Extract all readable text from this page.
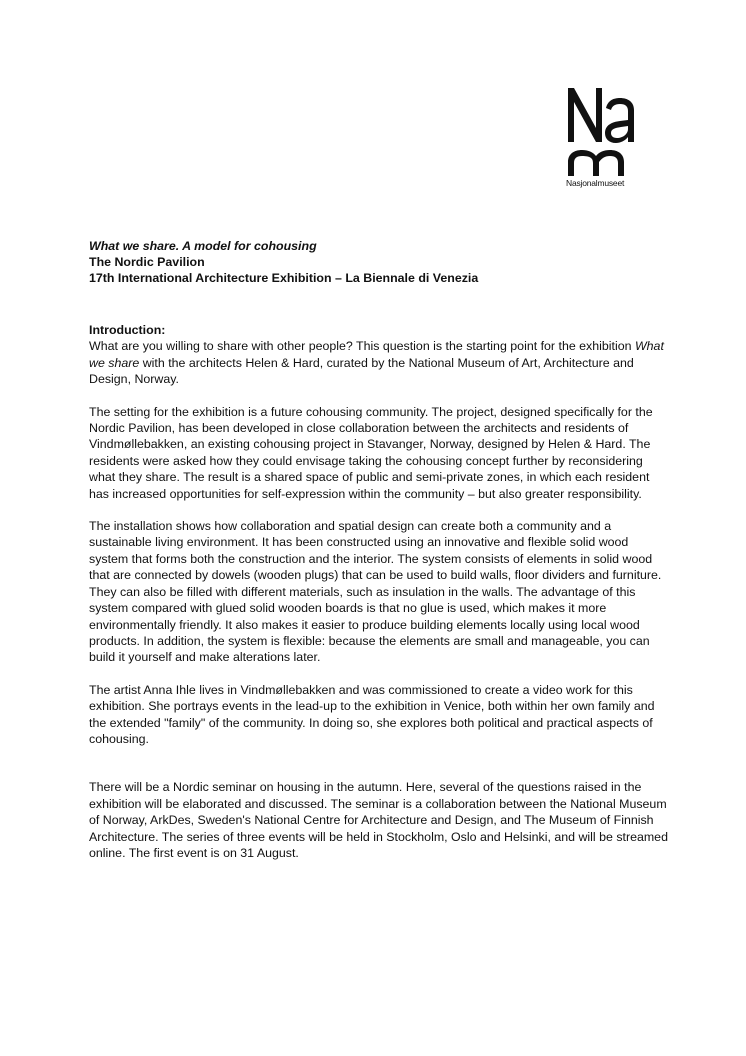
Nasjonalmuseet
What we share. A model for cohousing
The Nordic Pavilion
17th International Architecture Exhibition – La Biennale di Venezia
Introduction:

What are you willing to share with other people? This question is the starting point for the exhibition What we share with the architects Helen & Hard, curated by the National Museum of Art, Architecture and Design, Norway.

The setting for the exhibition is a future cohousing community. The project, designed specifically for the Nordic Pavilion, has been developed in close collaboration between the architects and residents of Vindmøllebakken, an existing cohousing project in Stavanger, Norway, designed by Helen & Hard. The residents were asked how they could envisage taking the cohousing concept further by reconsidering what they share. The result is a shared space of public and semi-private zones, in which each resident has increased opportunities for self-expression within the community – but also greater responsibility.

The installation shows how collaboration and spatial design can create both a community and a sustainable living environment. It has been constructed using an innovative and flexible solid wood system that forms both the construction and the interior. The system consists of elements in solid wood that are connected by dowels (wooden plugs) that can be used to build walls, floor dividers and furniture. They can also be filled with different materials, such as insulation in the walls. The advantage of this system compared with glued solid wooden boards is that no glue is used, which makes it more environmentally friendly. It also makes it easier to produce building elements locally using local wood products. In addition, the system is flexible: because the elements are small and manageable, you can build it yourself and make alterations later.

The artist Anna Ihle lives in Vindmøllebakken and was commissioned to create a video work for this exhibition. She portrays events in the lead-up to the exhibition in Venice, both within her own family and the extended "family" of the community. In doing so, she explores both political and practical aspects of cohousing.

There will be a Nordic seminar on housing in the autumn. Here, several of the questions raised in the exhibition will be elaborated and discussed. The seminar is a collaboration between the National Museum of Norway, ArkDes, Sweden's National Centre for Architecture and Design, and The Museum of Finnish Architecture. The series of three events will be held in Stockholm, Oslo and Helsinki, and will be streamed online. The first event is on 31 August.
